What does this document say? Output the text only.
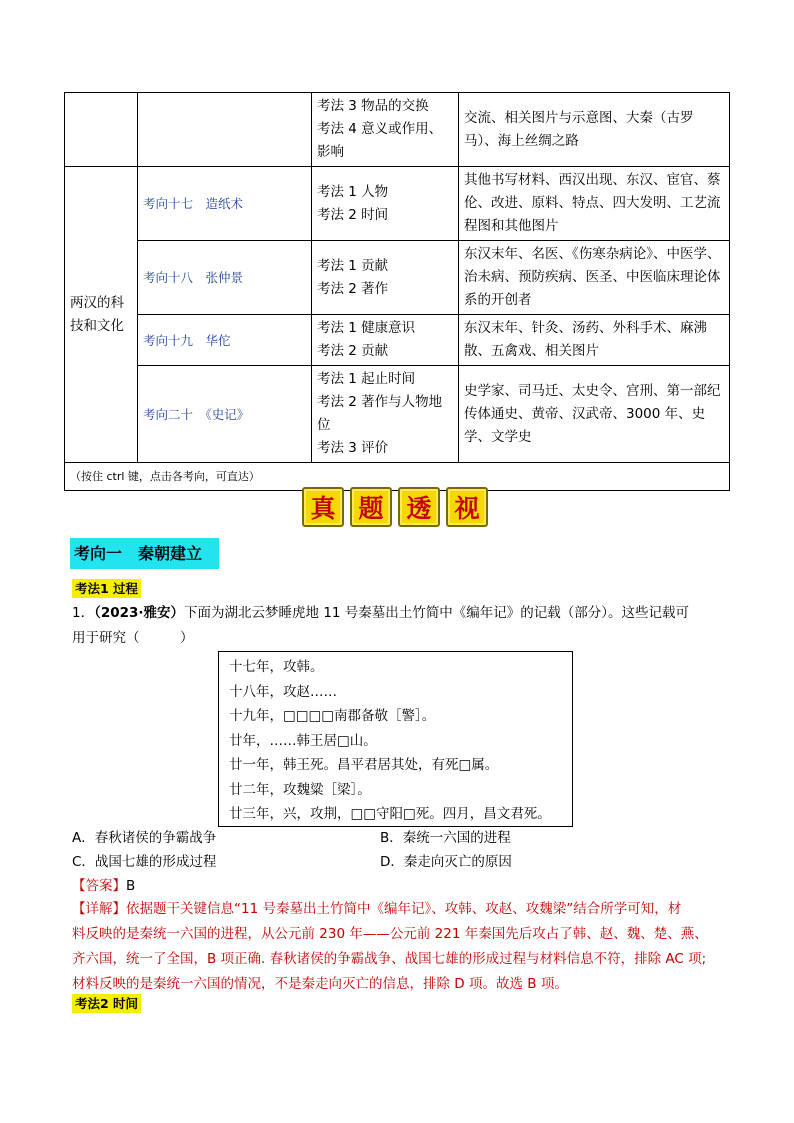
		考法 3 物品的交换
考法 4 意义或作用、
影响	交流、相关图片与示意图、大秦（古罗马）、海上丝绸之路

两汉的科
技和文化	考向十七　造纸术	考法 1 人物
考法 2 时间	其他书写材料、西汉出现、东汉、宦官、蔡伦、改进、原料、特点、四大发明、工艺流程图和其他图片

	考向十八　张仲景	考法 1 贡献
考法 2 著作	东汉末年、名医、《伤寒杂病论》、中医学、治未病、预防疾病、医圣、中医临床理论体系的开创者

	考向十九　华佗	考法 1 健康意识
考法 2 贡献	东汉末年、针灸、汤药、外科手术、麻沸散、五禽戏、相关图片

	考向二十　《史记》	考法 1 起止时间
考法 2 著作与人物地
位
考法 3 评价	史学家、司马迁、太史令、宫刑、第一部纪传体通史、黄帝、汉武帝、3000 年、史学、文学史

（按住 ctrl 键，点击各考向，可直达）			
真 题 透 视
考向一　秦朝建立
考法1 过程
1．（2023·雅安）下面为湖北云梦睡虎地 11 号秦墓出土竹简中《编年记》的记载（部分）。这些记载可
用于研究（　　　）
十七年，攻韩。
十八年，攻赵……
十九年，□□□□南郡备敬［警］。
廿年，……韩王居□山。
廿一年，韩王死。昌平君居其处，有死□属。
廿二年，攻魏粱［梁］。
廿三年，兴，攻荆，□□守阳□死。四月，昌文君死。
A．春秋诸侯的争霸战争	B．秦统一六国的进程
C．战国七雄的形成过程	D．秦走向灭亡的原因
【答案】B
【详解】依据题干关键信息“11 号秦墓出土竹简中《编年记》、攻韩、攻赵、攻魏梁”结合所学可知，材
料反映的是秦统一六国的进程，从公元前 230 年——公元前 221 年秦国先后攻占了韩、赵、魏、楚、燕、
齐六国，统一了全国，B 项正确. 春秋诸侯的争霸战争、战国七雄的形成过程与材料信息不符，排除 AC 项;
材料反映的是秦统一六国的情况，不是秦走向灭亡的信息，排除 D 项。故选 B 项。
考法2 时间
